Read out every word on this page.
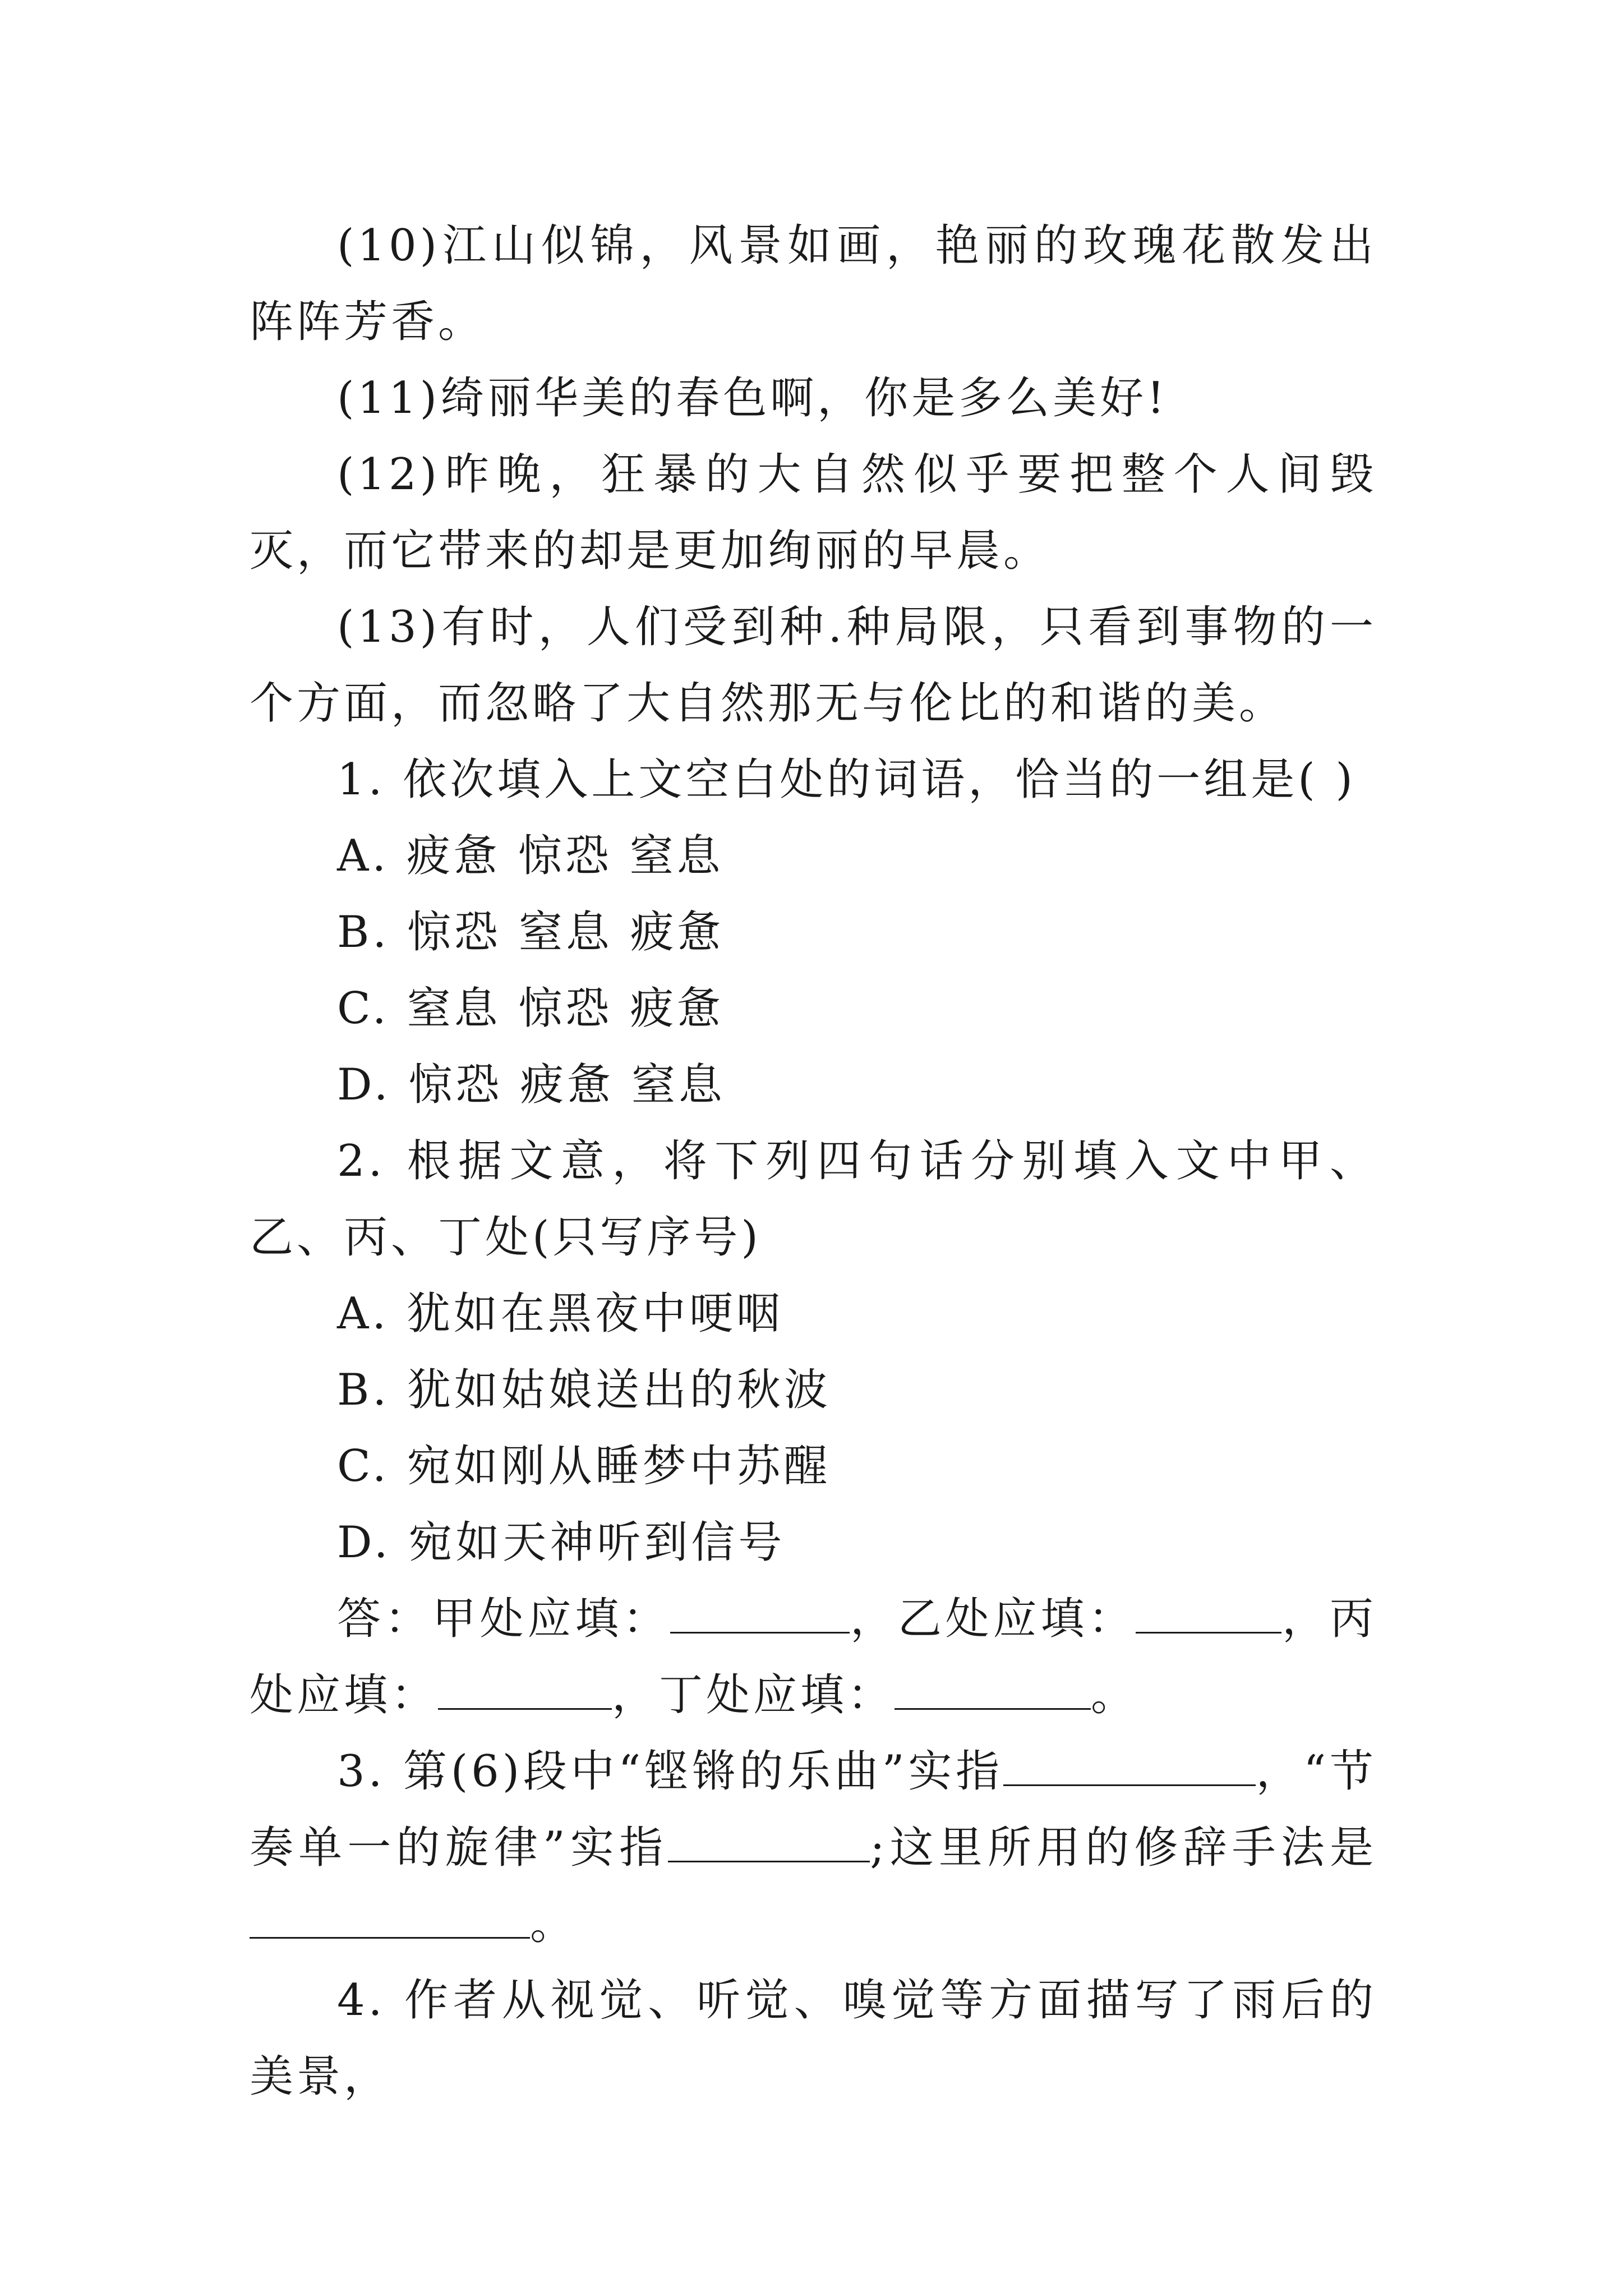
(10)江山似锦，风景如画，艳丽的玫瑰花散发出阵阵芳香。

(11)绮丽华美的春色啊，你是多么美好!

(12)昨晚，狂暴的大自然似乎要把整个人间毁灭，而它带来的却是更加绚丽的早晨。

(13)有时，人们受到种.种局限，只看到事物的一个方面，而忽略了大自然那无与伦比的和谐的美。

1. 依次填入上文空白处的词语，恰当的一组是( )

A. 疲惫 惊恐 窒息

B. 惊恐 窒息 疲惫

C. 窒息 惊恐 疲惫

D. 惊恐 疲惫 窒息

2. 根据文意，将下列四句话分别填入文中甲、乙、丙、丁处(只写序号)

A. 犹如在黑夜中哽咽

B. 犹如姑娘送出的秋波

C. 宛如刚从睡梦中苏醒

D. 宛如天神听到信号

答：甲处应填：	，乙处应填：	，丙处应填：	，丁处应填：	。

3. 第(6)段中“铿锵的乐曲”实指	，“节奏单一的旋律”实指	;这里所用的修辞手法是。

4. 作者从视觉、听觉、嗅觉等方面描写了雨后的美景，
